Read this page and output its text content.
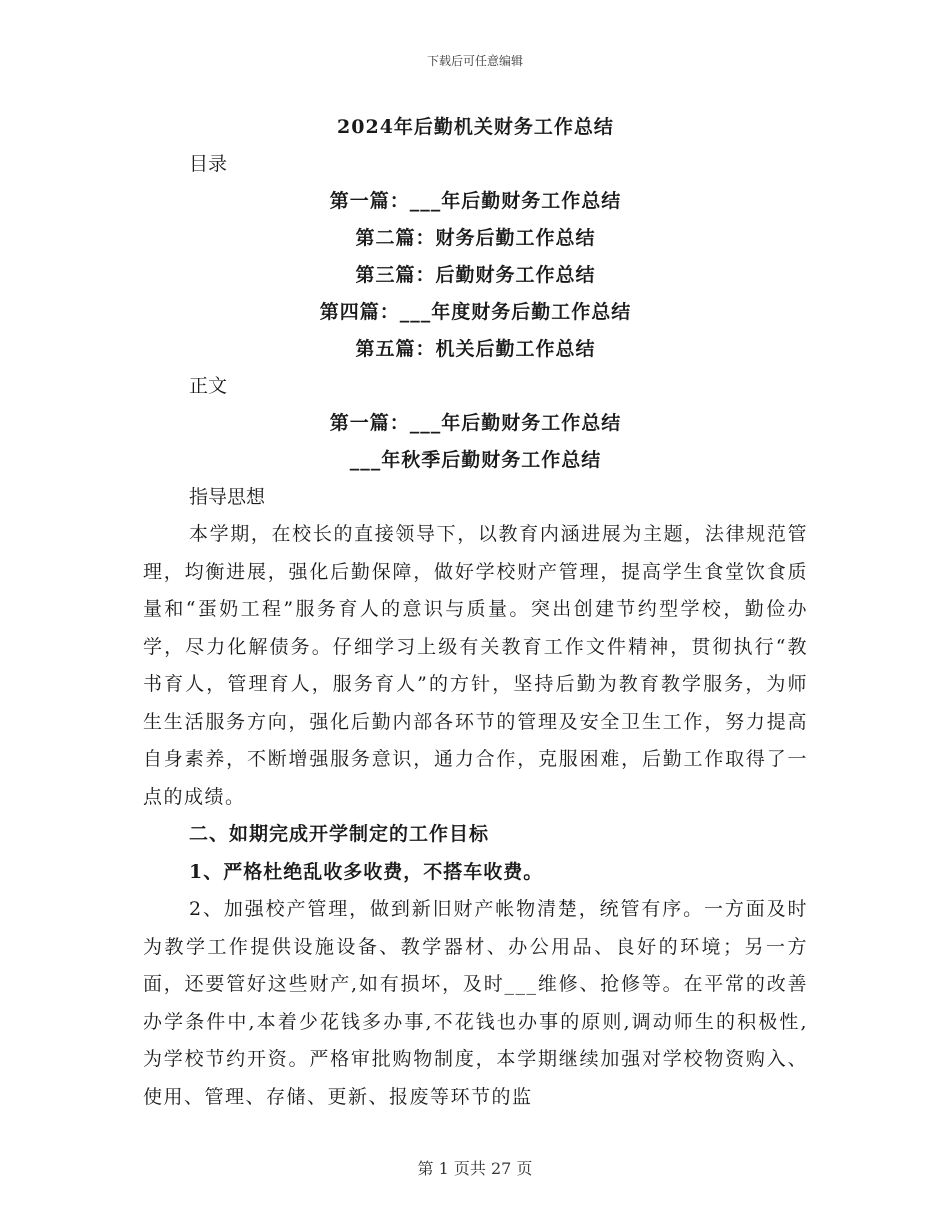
下载后可任意编辑

2024年后勤机关财务工作总结

目录

第一篇：___年后勤财务工作总结

第二篇：财务后勤工作总结

第三篇：后勤财务工作总结

第四篇：___年度财务后勤工作总结

第五篇：机关后勤工作总结

正文

第一篇：___年后勤财务工作总结

___年秋季后勤财务工作总结

指导思想

本学期，在校长的直接领导下，以教育内涵进展为主题，法律规范管理，均衡进展，强化后勤保障，做好学校财产管理，提高学生食堂饮食质量和“蛋奶工程”服务育人的意识与质量。突出创建节约型学校，勤俭办学，尽力化解债务。仔细学习上级有关教育工作文件精神，贯彻执行“教书育人，管理育人，服务育人”的方针，坚持后勤为教育教学服务，为师生生活服务方向，强化后勤内部各环节的管理及安全卫生工作，努力提高自身素养，不断增强服务意识，通力合作，克服困难，后勤工作取得了一点的成绩。

二、如期完成开学制定的工作目标

1、严格杜绝乱收多收费，不搭车收费。

2、加强校产管理，做到新旧财产帐物清楚，统管有序。一方面及时为教学工作提供设施设备、教学器材、办公用品、良好的环境；另一方面，还要管好这些财产,如有损坏，及时___维修、抢修等。在平常的改善办学条件中,本着少花钱多办事,不花钱也办事的原则,调动师生的积极性,为学校节约开资。严格审批购物制度，本学期继续加强对学校物资购入、使用、管理、存储、更新、报废等环节的监

第 1 页共 27 页
